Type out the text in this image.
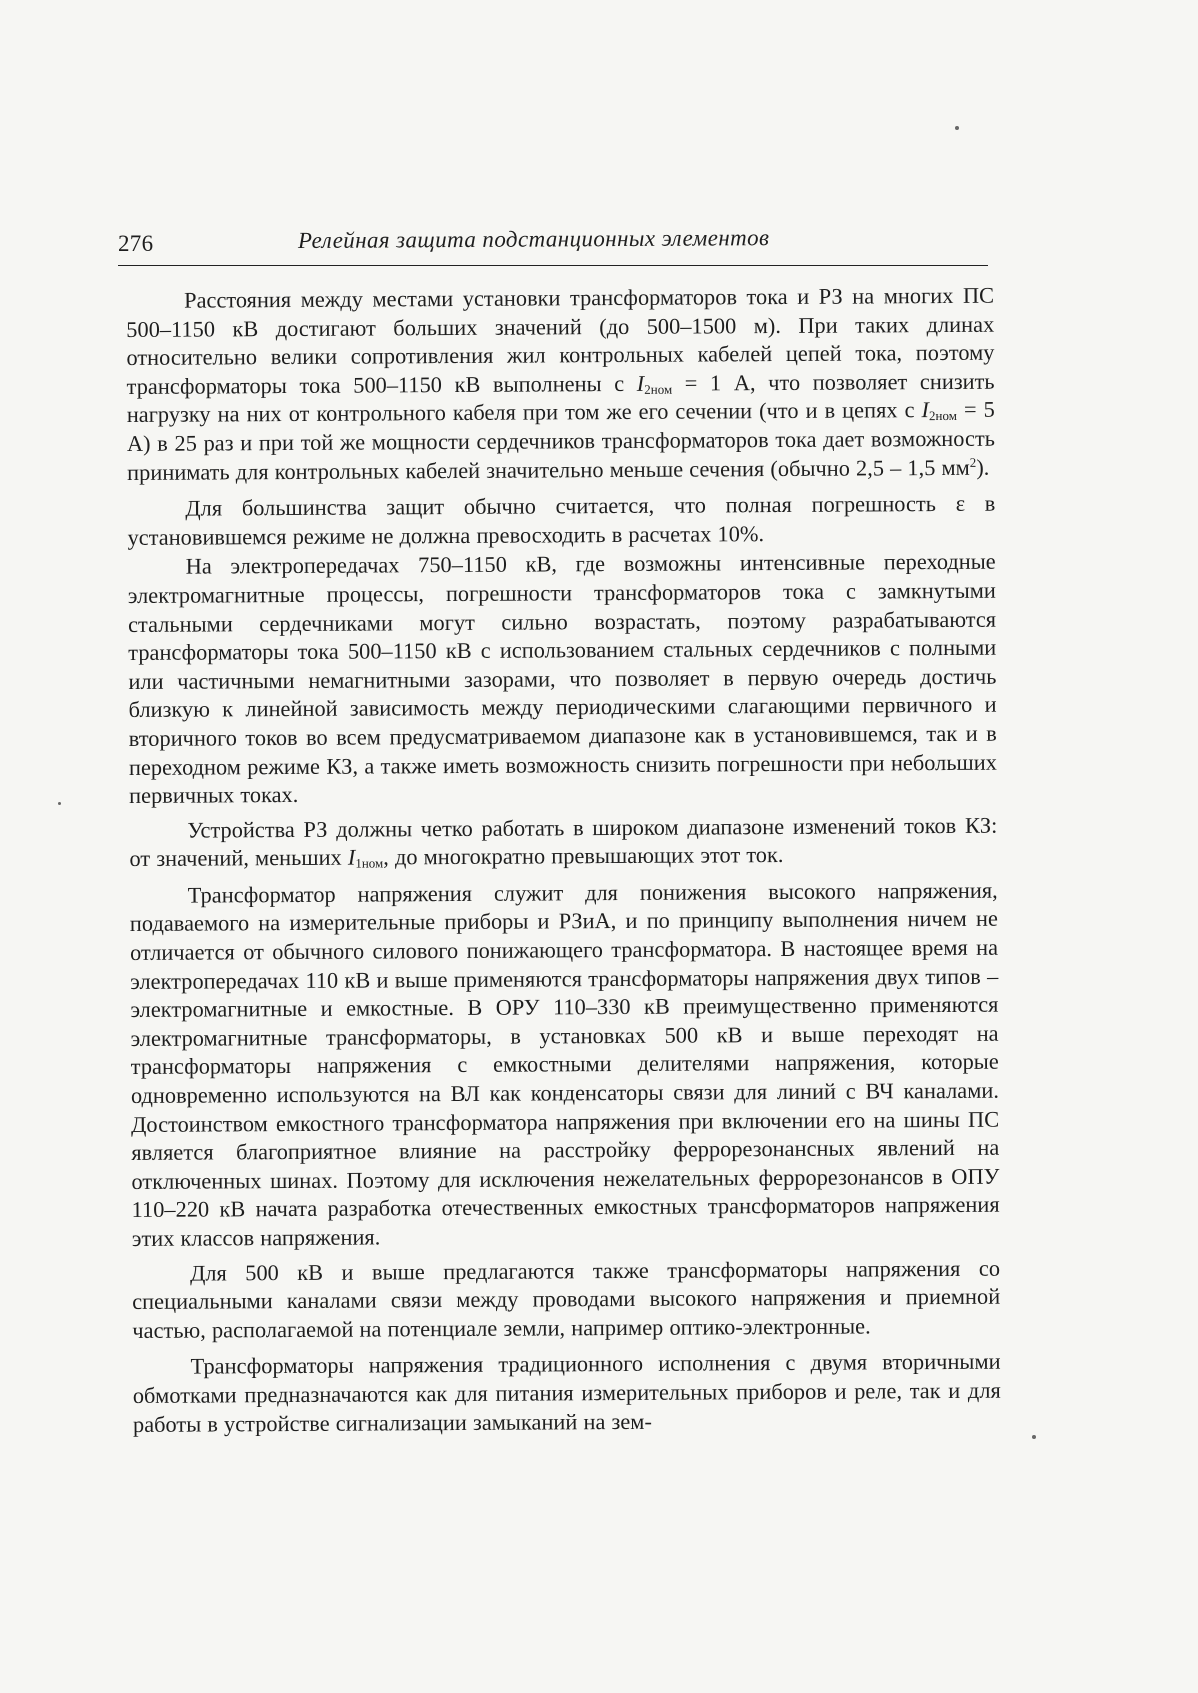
276	Релейная защита подстанционных элементов

Расстояния между местами установки трансформаторов тока и РЗ на многих ПС 500–1150 кВ достигают больших значений (до 500–1500 м). При таких длинах относительно велики сопротивления жил контрольных кабелей цепей тока, поэтому трансформаторы тока 500–1150 кВ выполнены с $I_{2ном} = 1$ А, что позволяет снизить нагрузку на них от контрольного кабеля при том же его сечении (что и в цепях с $I_{2ном} = 5$ А) в 25 раз и при той же мощности сердечников трансформаторов тока дает возможность принимать для контрольных кабелей значительно меньше сечения (обычно 2,5 – 1,5 $мм^2$).

Для большинства защит обычно считается, что полная погрешность ε в установившемся режиме не должна превосходить в расчетах 10%.

На электропередачах 750–1150 кВ, где возможны интенсивные переходные электромагнитные процессы, погрешности трансформаторов тока с замкнутыми стальными сердечниками могут сильно возрастать, поэтому разрабатываются трансформаторы тока 500–1150 кВ с использованием стальных сердечников с полными или частичными немагнитными зазорами, что позволяет в первую очередь достичь близкую к линейной зависимость между периодическими слагающими первичного и вторичного токов во всем предусматриваемом диапазоне как в установившемся, так и в переходном режиме КЗ, а также иметь возможность снизить погрешности при небольших первичных токах.

Устройства РЗ должны четко работать в широком диапазоне изменений токов КЗ: от значений, меньших $I_{1ном}$, до многократно превышающих этот ток.

Трансформатор напряжения служит для понижения высокого напряжения, подаваемого на измерительные приборы и РЗиА, и по принципу выполнения ничем не отличается от обычного силового понижающего трансформатора. В настоящее время на электропередачах 110 кВ и выше применяются трансформаторы напряжения двух типов – электромагнитные и емкостные. В ОРУ 110–330 кВ преимущественно применяются электромагнитные трансформаторы, в установках 500 кВ и выше переходят на трансформаторы напряжения с емкостными делителями напряжения, которые одновременно используются на ВЛ как конденсаторы связи для линий с ВЧ каналами. Достоинством емкостного трансформатора напряжения при включении его на шины ПС является благоприятное влияние на расстройку феррорезонансных явлений на отключенных шинах. Поэтому для исключения нежелательных феррорезонансов в ОПУ 110–220 кВ начата разработка отечественных емкостных трансформаторов напряжения этих классов напряжения.

Для 500 кВ и выше предлагаются также трансформаторы напряжения со специальными каналами связи между проводами высокого напряжения и приемной частью, располагаемой на потенциале земли, например оптико-электронные.

Трансформаторы напряжения традиционного исполнения с двумя вторичными обмотками предназначаются как для питания измерительных приборов и реле, так и для работы в устройстве сигнализации замыканий на зем-
